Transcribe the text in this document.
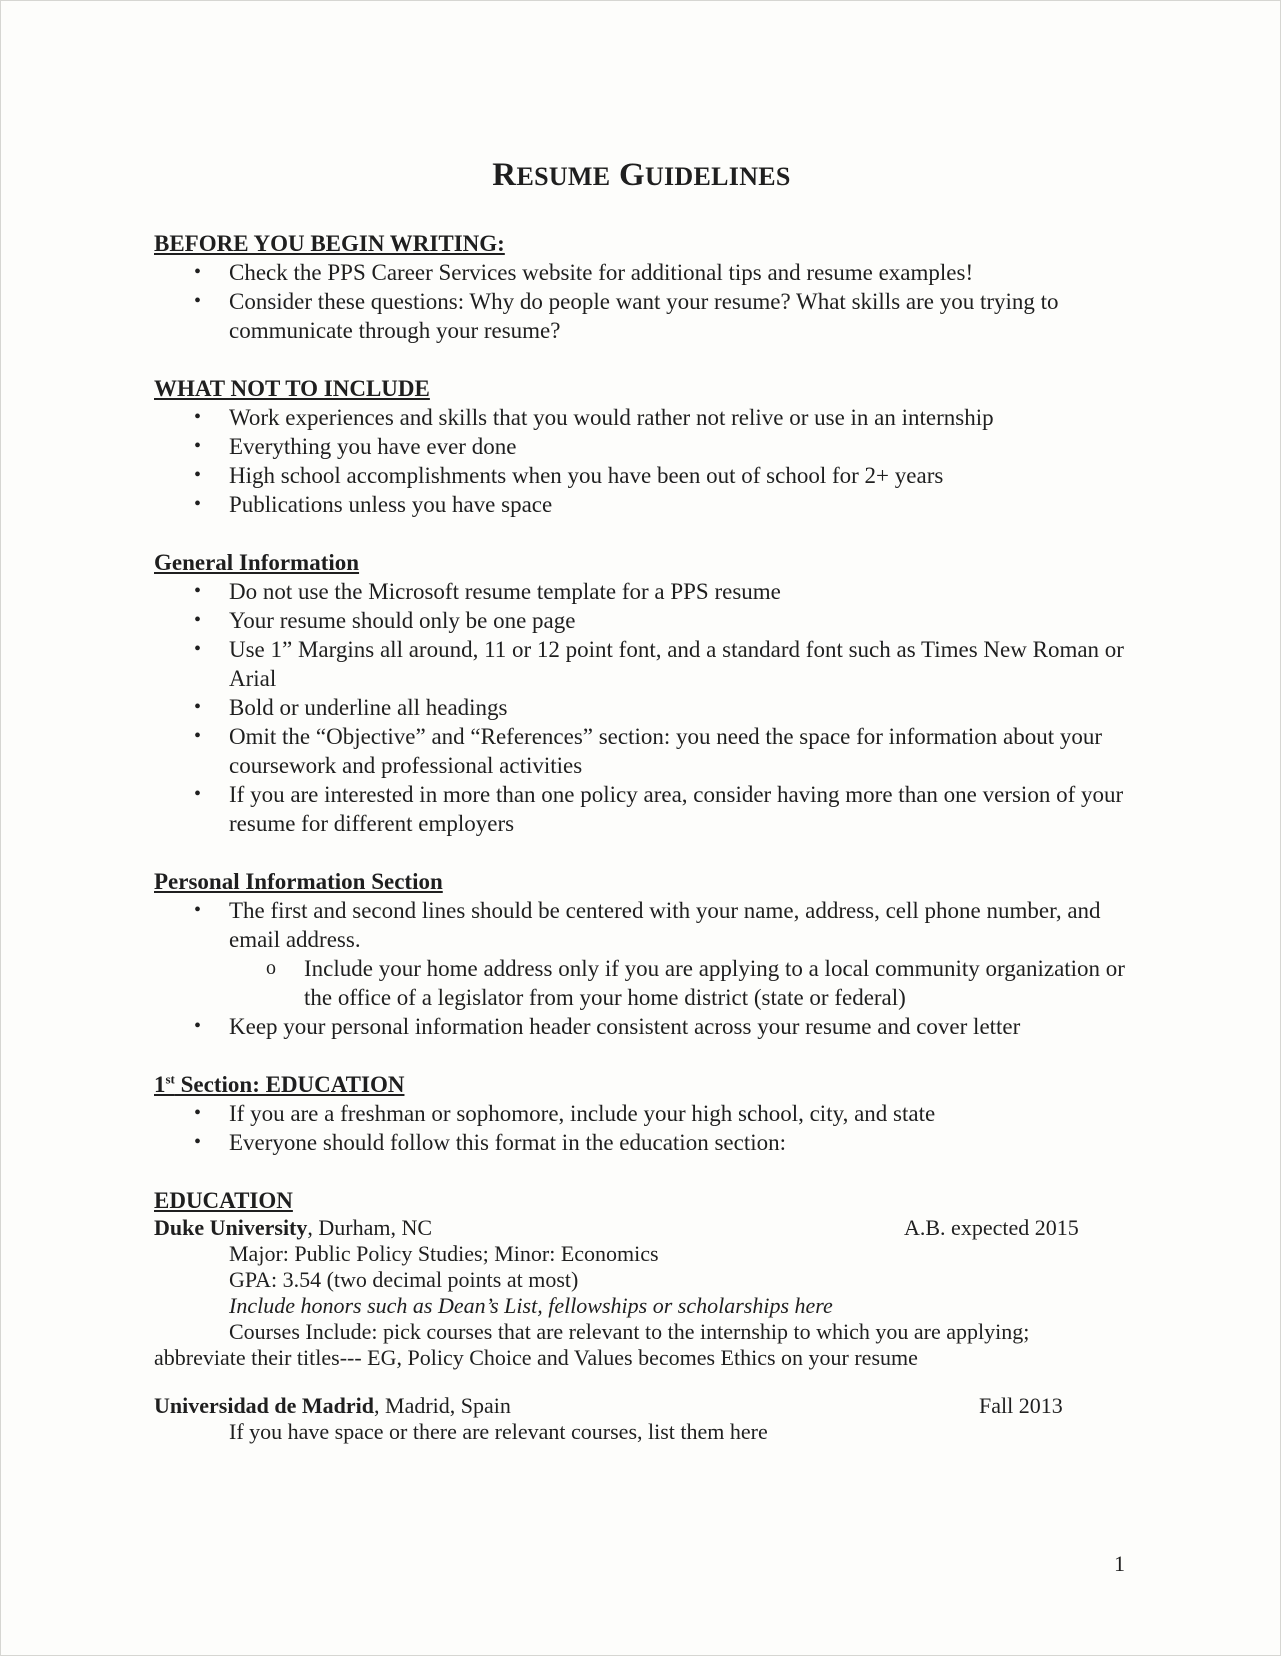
RESUME GUIDELINES
BEFORE YOU BEGIN WRITING:
• Check the PPS Career Services website for additional tips and resume examples!
• Consider these questions: Why do people want your resume? What skills are you trying to communicate through your resume?
WHAT NOT TO INCLUDE
• Work experiences and skills that you would rather not relive or use in an internship
• Everything you have ever done
• High school accomplishments when you have been out of school for 2+ years
• Publications unless you have space
General Information
• Do not use the Microsoft resume template for a PPS resume
• Your resume should only be one page
• Use 1” Margins all around, 11 or 12 point font, and a standard font such as Times New Roman or Arial
• Bold or underline all headings
• Omit the “Objective” and “References” section: you need the space for information about your coursework and professional activities
• If you are interested in more than one policy area, consider having more than one version of your resume for different employers
Personal Information Section
• The first and second lines should be centered with your name, address, cell phone number, and email address.
o Include your home address only if you are applying to a local community organization or the office of a legislator from your home district (state or federal)
• Keep your personal information header consistent across your resume and cover letter
1st Section: EDUCATION
• If you are a freshman or sophomore, include your high school, city, and state
• Everyone should follow this format in the education section:
EDUCATION
Duke University, Durham, NC	A.B. expected 2015
Major: Public Policy Studies; Minor: Economics
GPA: 3.54 (two decimal points at most)
Include honors such as Dean’s List, fellowships or scholarships here
Courses Include: pick courses that are relevant to the internship to which you are applying;
abbreviate their titles--- EG, Policy Choice and Values becomes Ethics on your resume
Universidad de Madrid, Madrid, Spain	Fall 2013
If you have space or there are relevant courses, list them here
1
